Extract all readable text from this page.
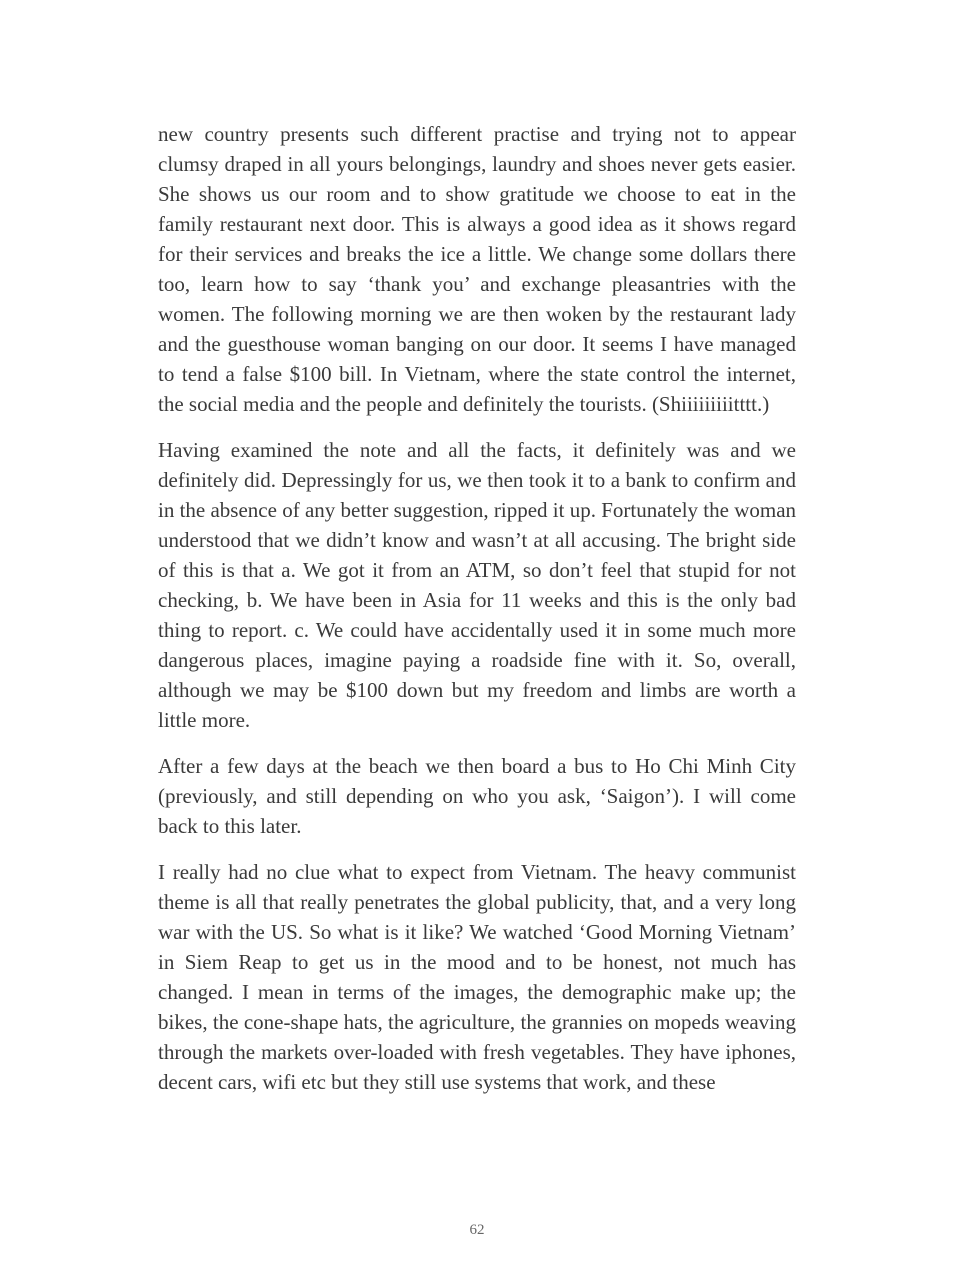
new country presents such different practise and trying not to appear clumsy draped in all yours belongings, laundry and shoes never gets easier. She shows us our room and to show gratitude we choose to eat in the family restaurant next door. This is always a good idea as it shows regard for their services and breaks the ice a little. We change some dollars there too, learn how to say ‘thank you’ and exchange pleasantries with the women. The following morning we are then woken by the restaurant lady and the guesthouse woman banging on our door. It seems I have managed to tend a false $100 bill. In Vietnam, where the state control the internet, the social media and the people and definitely the tourists. (Shiiiiiiiiitttt.)

Having examined the note and all the facts, it definitely was and we definitely did. Depressingly for us, we then took it to a bank to confirm and in the absence of any better suggestion, ripped it up. Fortunately the woman understood that we didn’t know and wasn’t at all accusing. The bright side of this is that a. We got it from an ATM, so don’t feel that stupid for not checking, b. We have been in Asia for 11 weeks and this is the only bad thing to report. c. We could have accidentally used it in some much more dangerous places, imagine paying a roadside fine with it. So, overall, although we may be $100 down but my freedom and limbs are worth a little more.

After a few days at the beach we then board a bus to Ho Chi Minh City (previously, and still depending on who you ask, ‘Saigon’). I will come back to this later.

I really had no clue what to expect from Vietnam. The heavy communist theme is all that really penetrates the global publicity, that, and a very long war with the US. So what is it like? We watched ‘Good Morning Vietnam’ in Siem Reap to get us in the mood and to be honest, not much has changed. I mean in terms of the images, the demographic make up; the bikes, the cone-shape hats, the agriculture, the grannies on mopeds weaving through the markets over-loaded with fresh vegetables. They have iphones, decent cars, wifi etc but they still use systems that work, and these

62
